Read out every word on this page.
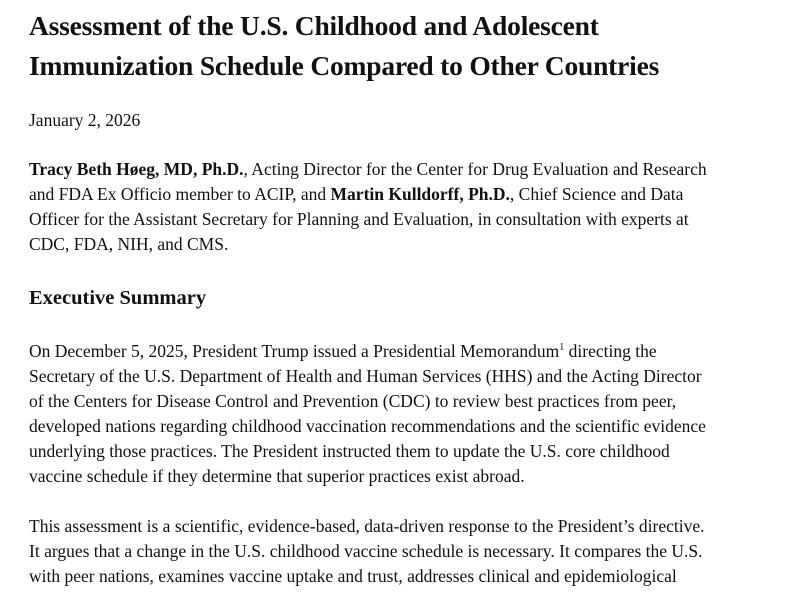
Assessment of the U.S. Childhood and Adolescent
Immunization Schedule Compared to Other Countries
January 2, 2026
Tracy Beth Høeg, MD, Ph.D., Acting Director for the Center for Drug Evaluation and Research
and FDA Ex Officio member to ACIP, and Martin Kulldorff, Ph.D., Chief Science and Data
Officer for the Assistant Secretary for Planning and Evaluation, in consultation with experts at
CDC, FDA, NIH, and CMS.
Executive Summary
On December 5, 2025, President Trump issued a Presidential Memorandum$^1$ directing the
Secretary of the U.S. Department of Health and Human Services (HHS) and the Acting Director
of the Centers for Disease Control and Prevention (CDC) to review best practices from peer,
developed nations regarding childhood vaccination recommendations and the scientific evidence
underlying those practices. The President instructed them to update the U.S. core childhood
vaccine schedule if they determine that superior practices exist abroad.
This assessment is a scientific, evidence-based, data-driven response to the President’s directive.
It argues that a change in the U.S. childhood vaccine schedule is necessary. It compares the U.S.
with peer nations, examines vaccine uptake and trust, addresses clinical and epidemiological
